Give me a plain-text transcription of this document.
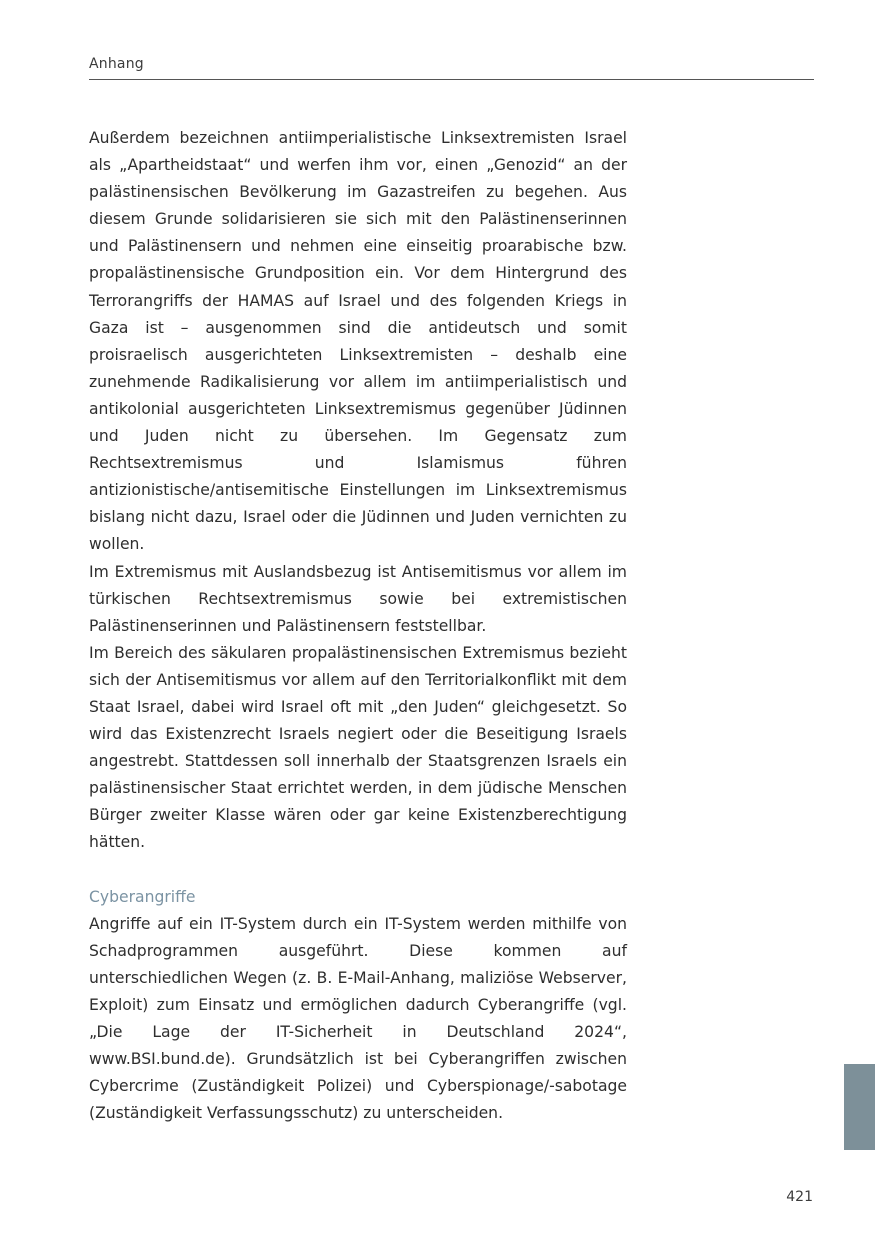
Anhang

Außerdem bezeichnen antiimperialistische Linksextremisten Israel als „Apartheidstaat“ und werfen ihm vor, einen „Genozid“ an der palästinensischen Bevölkerung im Gazastreifen zu begehen. Aus diesem Grunde solidarisieren sie sich mit den Palästinenserinnen und Palästinensern und nehmen eine einseitig proarabische bzw. propalästinensische Grundposition ein. Vor dem Hintergrund des Terrorangriffs der HAMAS auf Israel und des folgenden Kriegs in Gaza ist – ausgenommen sind die antideutsch und somit proisraelisch ausgerichteten Linksextremisten – deshalb eine zunehmende Radikalisierung vor allem im antiimperialistisch und antikolonial ausgerichteten Linksextremismus gegenüber Jüdinnen und Juden nicht zu übersehen. Im Gegensatz zum Rechtsextremismus und Islamismus führen antizionistische/antisemitische Einstellungen im Linksextremismus bislang nicht dazu, Israel oder die Jüdinnen und Juden vernichten zu wollen.

Im Extremismus mit Auslandsbezug ist Antisemitismus vor allem im türkischen Rechtsextremismus sowie bei extremistischen Palästinenserinnen und Palästinensern feststellbar.

Im Bereich des säkularen propalästinensischen Extremismus bezieht sich der Antisemitismus vor allem auf den Territorialkonflikt mit dem Staat Israel, dabei wird Israel oft mit „den Juden“ gleichgesetzt. So wird das Existenzrecht Israels negiert oder die Beseitigung Israels angestrebt. Stattdessen soll innerhalb der Staatsgrenzen Israels ein palästinensischer Staat errichtet werden, in dem jüdische Menschen Bürger zweiter Klasse wären oder gar keine Existenzberechtigung hätten.

Cyberangriffe

Angriffe auf ein IT-System durch ein IT-System werden mithilfe von Schadprogrammen ausgeführt. Diese kommen auf unterschiedlichen Wegen (z. B. E-Mail-Anhang, maliziöse Webserver, Exploit) zum Einsatz und ermöglichen dadurch Cyberangriffe (vgl. „Die Lage der IT-Sicherheit in Deutschland 2024“, www.BSI.bund.de). Grundsätzlich ist bei Cyberangriffen zwischen Cybercrime (Zuständigkeit Polizei) und Cyberspionage/-sabotage (Zuständigkeit Verfassungsschutz) zu unterscheiden.

421
